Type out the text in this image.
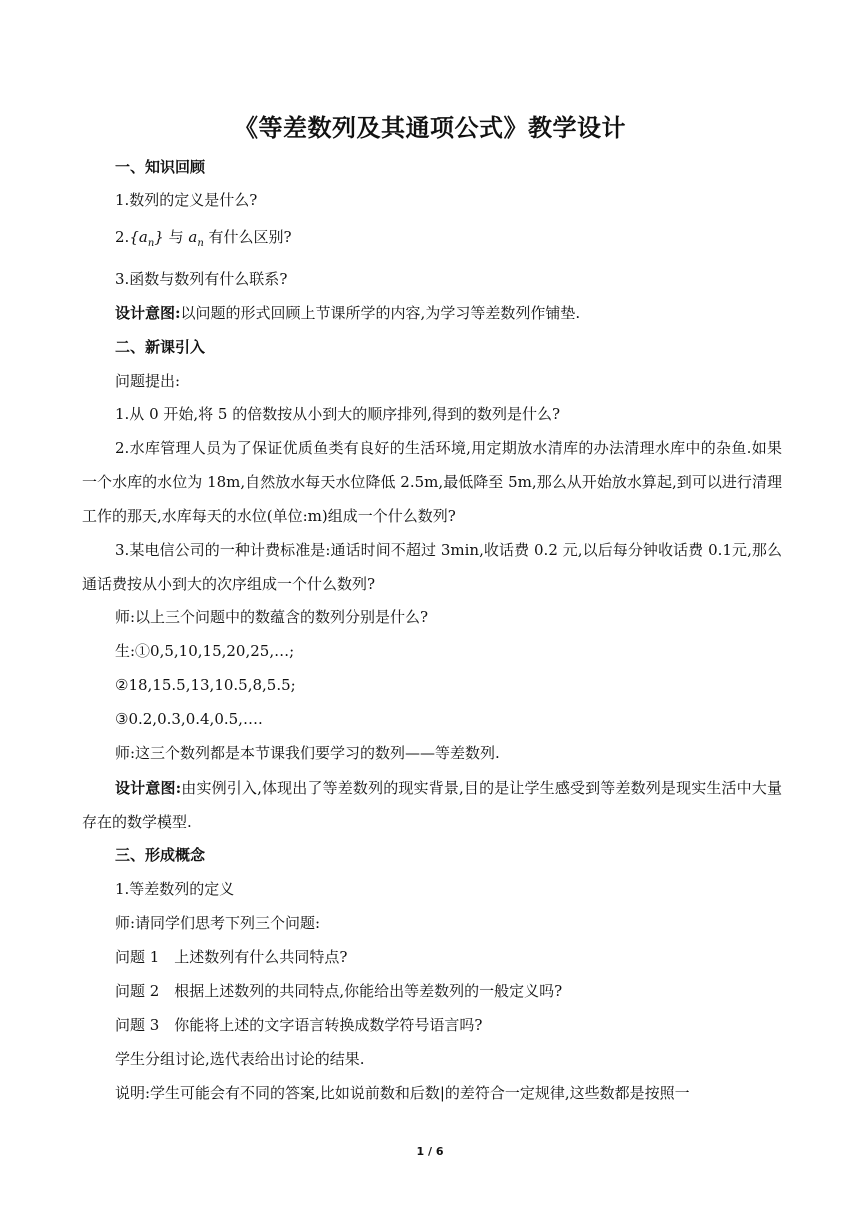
《等差数列及其通项公式》教学设计
一、知识回顾
1.数列的定义是什么?
$2.\{a_n\}$ 与 $a_n$ 有什么区别?
3.函数与数列有什么联系?
设计意图:以问题的形式回顾上节课所学的内容,为学习等差数列作铺垫.
二、新课引入
问题提出:
1.从 0 开始,将 5 的倍数按从小到大的顺序排列,得到的数列是什么?
2.水库管理人员为了保证优质鱼类有良好的生活环境,用定期放水清库的办法清理水库中的杂鱼.如果一个水库的水位为 18m,自然放水每天水位降低 2.5m,最低降至 5m,那么从开始放水算起,到可以进行清理工作的那天,水库每天的水位(单位:m)组成一个什么数列?
3.某电信公司的一种计费标准是:通话时间不超过 3min,收话费 0.2 元,以后每分钟收话费 0.1元,那么通话费按从小到大的次序组成一个什么数列?
师:以上三个问题中的数蕴含的数列分别是什么?
生:①0,5,10,15,20,25,…;
②18,15.5,13,10.5,8,5.5;
③0.2,0.3,0.4,0.5,….
师:这三个数列都是本节课我们要学习的数列——等差数列.
设计意图:由实例引入,体现出了等差数列的现实背景,目的是让学生感受到等差数列是现实生活中大量存在的数学模型.
三、形成概念
1.等差数列的定义
师:请同学们思考下列三个问题:
问题 1　上述数列有什么共同特点?
问题 2　根据上述数列的共同特点,你能给出等差数列的一般定义吗?
问题 3　你能将上述的文字语言转换成数学符号语言吗?
学生分组讨论,选代表给出讨论的结果.
说明:学生可能会有不同的答案,比如说前数和后数|的差符合一定规律,这些数都是按照一
1 / 6
